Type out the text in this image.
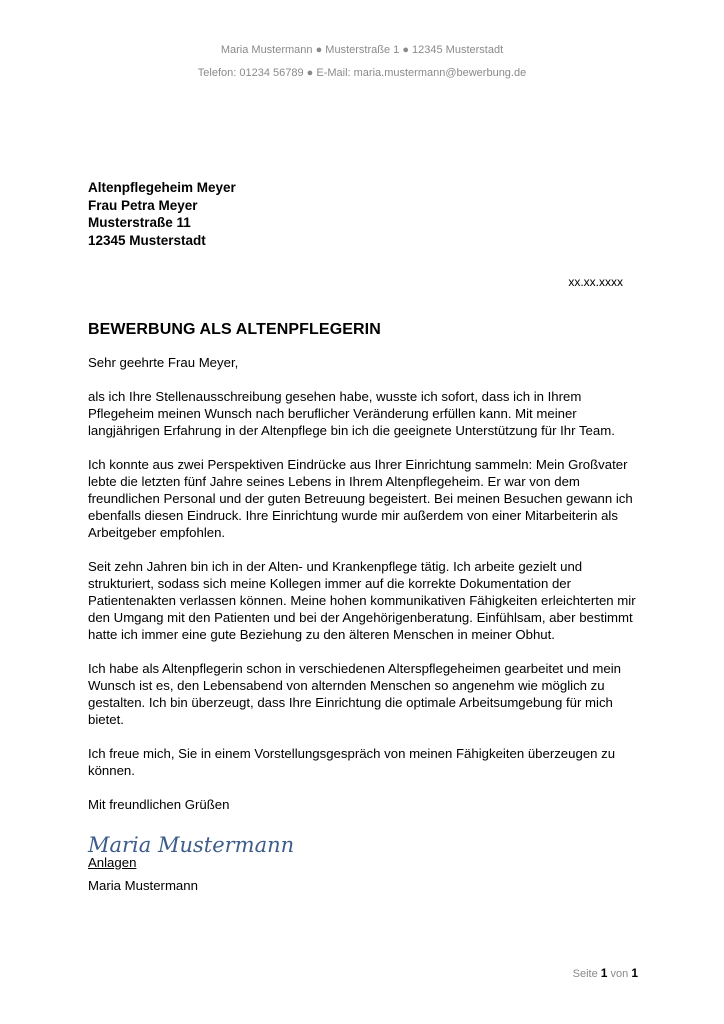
Maria Mustermann ● Musterstraße 1 ● 12345 Musterstadt
Telefon: 01234 56789 ● E-Mail: maria.mustermann@bewerbung.de
Altenpflegeheim Meyer
Frau Petra Meyer
Musterstraße 11
12345 Musterstadt
xx.xx.xxxx
BEWERBUNG ALS ALTENPFLEGERIN

Sehr geehrte Frau Meyer,

als ich Ihre Stellenausschreibung gesehen habe, wusste ich sofort, dass ich in Ihrem Pflegeheim meinen Wunsch nach beruflicher Veränderung erfüllen kann. Mit meiner langjährigen Erfahrung in der Altenpflege bin ich die geeignete Unterstützung für Ihr Team.

Ich konnte aus zwei Perspektiven Eindrücke aus Ihrer Einrichtung sammeln: Mein Großvater lebte die letzten fünf Jahre seines Lebens in Ihrem Altenpflegeheim. Er war von dem freundlichen Personal und der guten Betreuung begeistert. Bei meinen Besuchen gewann ich ebenfalls diesen Eindruck. Ihre Einrichtung wurde mir außerdem von einer Mitarbeiterin als Arbeitgeber empfohlen.

Seit zehn Jahren bin ich in der Alten- und Krankenpflege tätig. Ich arbeite gezielt und strukturiert, sodass sich meine Kollegen immer auf die korrekte Dokumentation der Patientenakten verlassen können. Meine hohen kommunikativen Fähigkeiten erleichterten mir den Umgang mit den Patienten und bei der Angehörigenberatung. Einfühlsam, aber bestimmt hatte ich immer eine gute Beziehung zu den älteren Menschen in meiner Obhut.

Ich habe als Altenpflegerin schon in verschiedenen Alterspflegeheimen gearbeitet und mein Wunsch ist es, den Lebensabend von alternden Menschen so angenehm wie möglich zu gestalten. Ich bin überzeugt, dass Ihre Einrichtung die optimale Arbeitsumgebung für mich bietet.

Ich freue mich, Sie in einem Vorstellungsgespräch von meinen Fähigkeiten überzeugen zu können.

Mit freundlichen Grüßen

Maria Mustermann

Maria Mustermann

Anlagen
Seite 1 von 1
